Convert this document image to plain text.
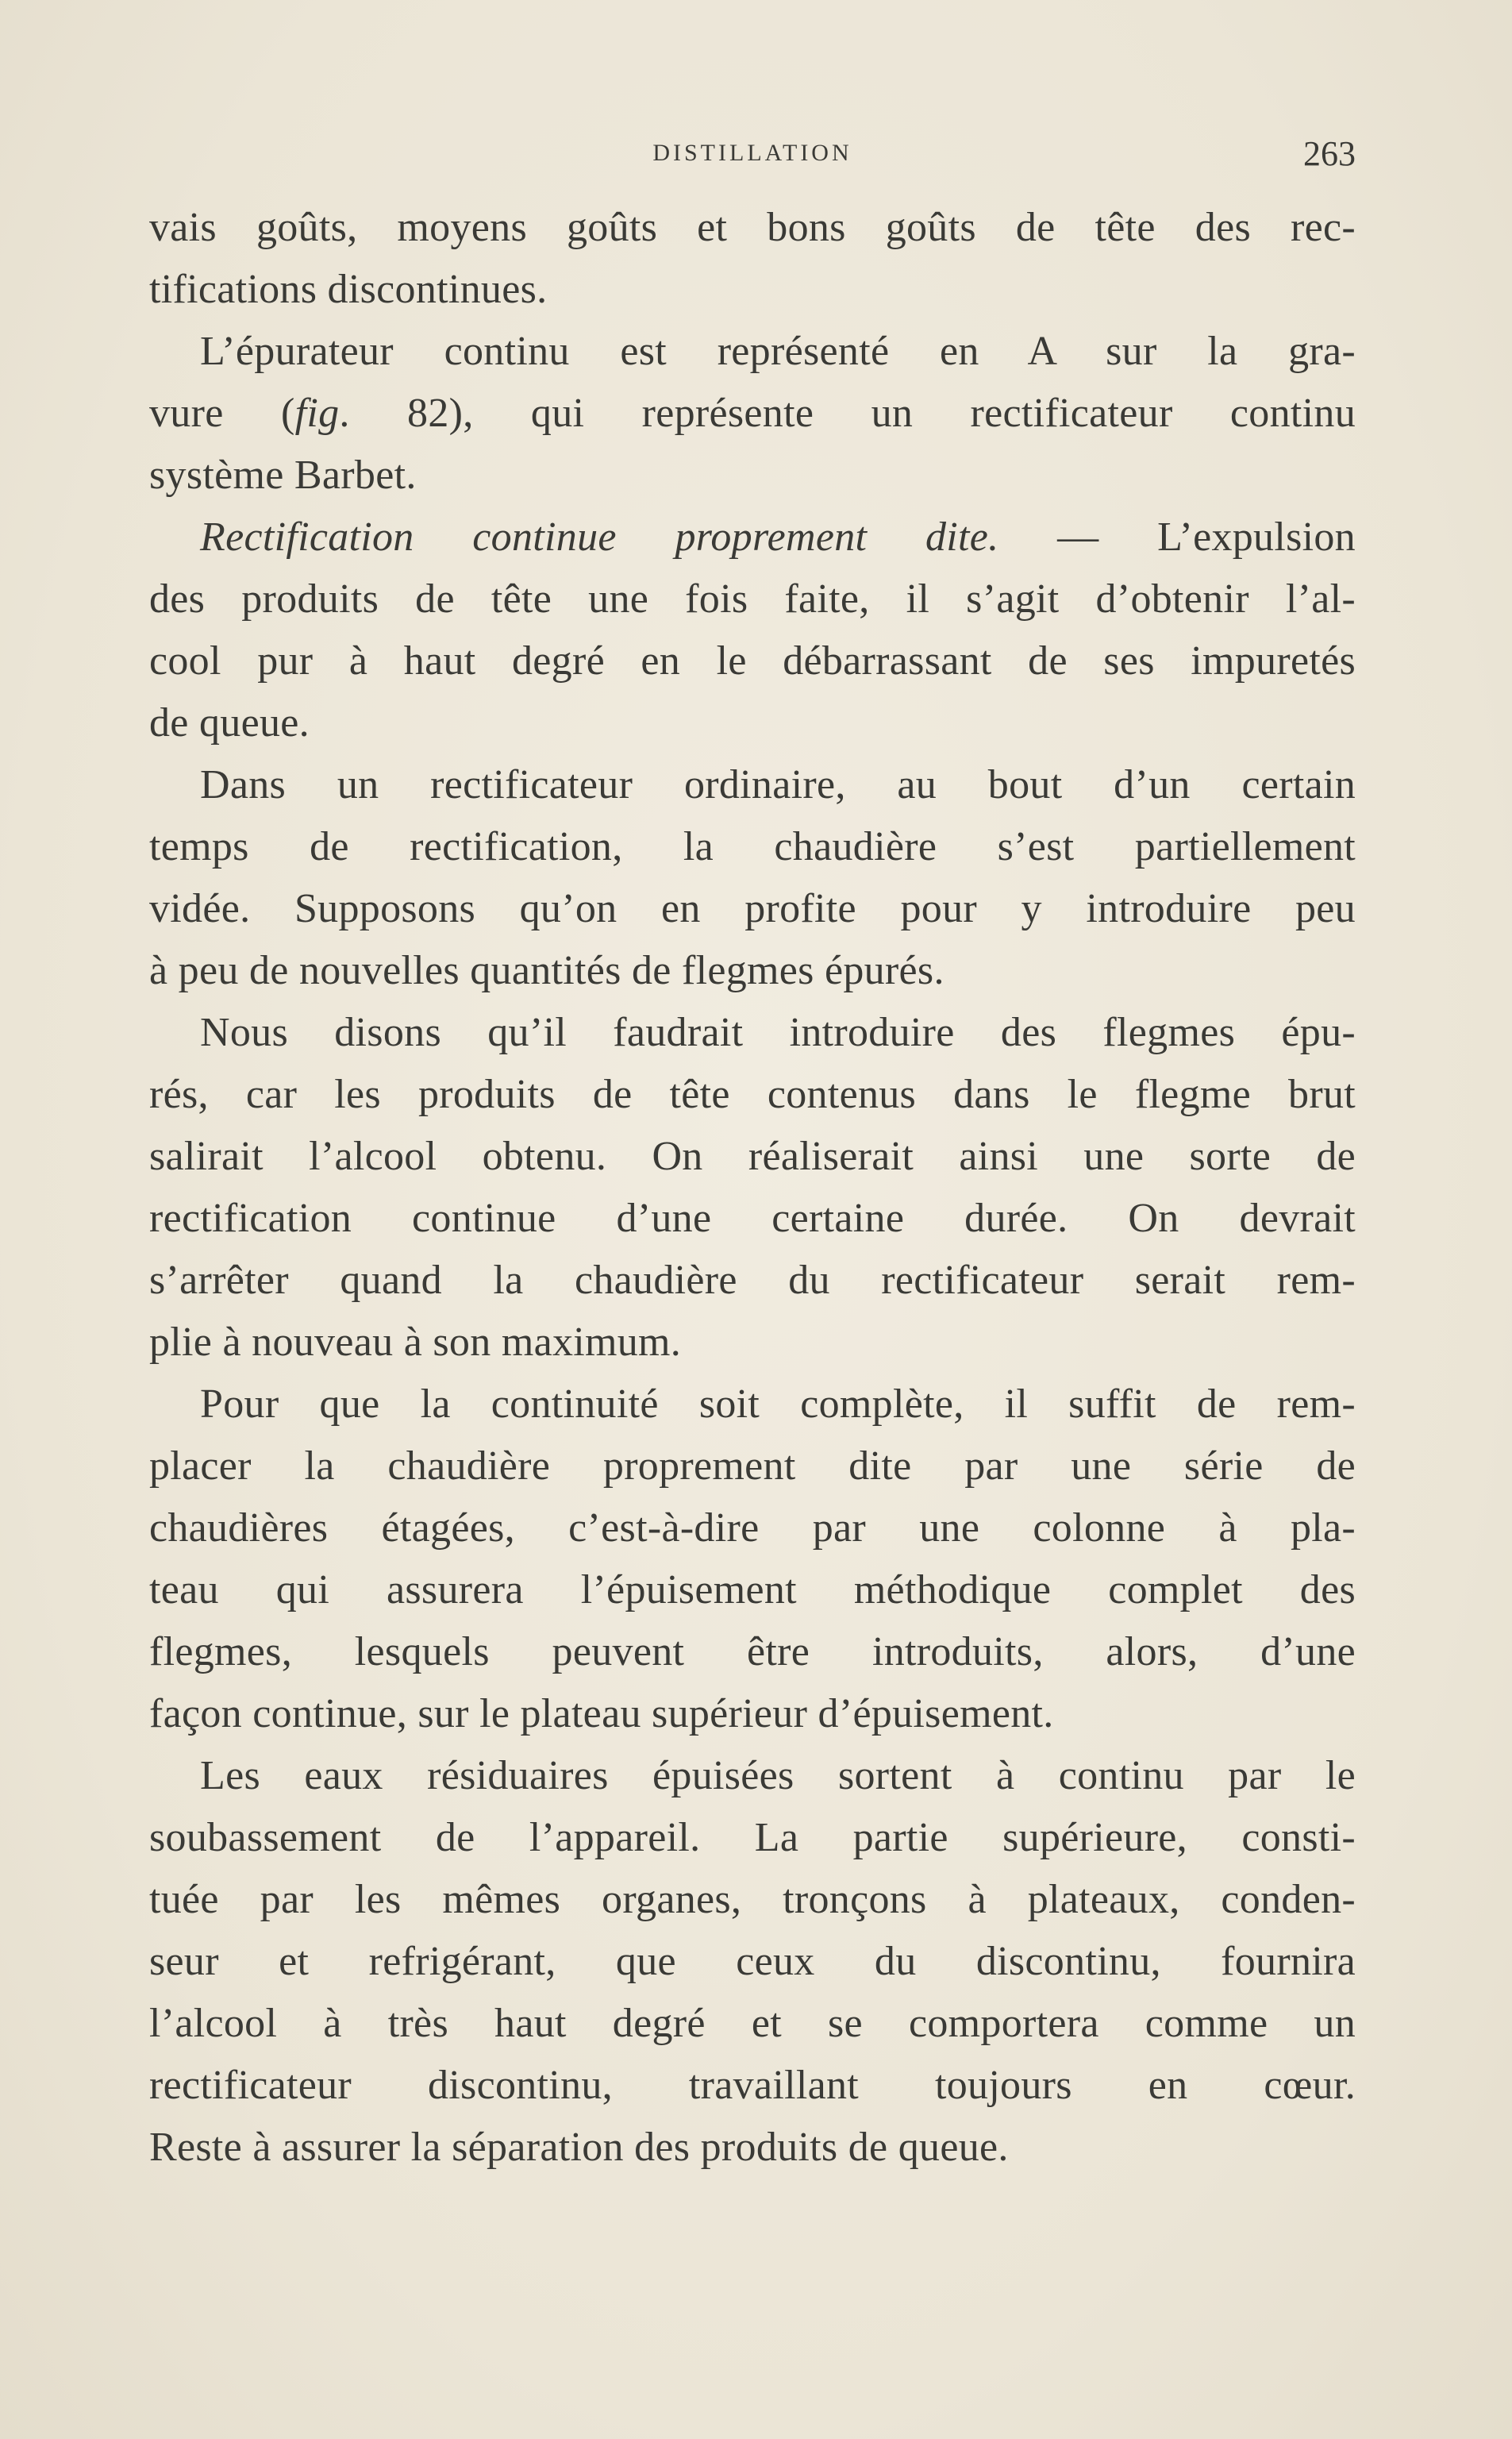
DISTILLATION	263
vais goûts, moyens goûts et bons goûts de tête des rec-
tifications discontinues.
L’épurateur continu est représenté en A sur la gra-
vure (fig. 82), qui représente un rectificateur continu
système Barbet.
Rectification continue proprement dite. — L’expulsion
des produits de tête une fois faite, il s’agit d’obtenir l’al-
cool pur à haut degré en le débarrassant de ses impuretés
de queue.
Dans un rectificateur ordinaire, au bout d’un certain
temps de rectification, la chaudière s’est partiellement
vidée. Supposons qu’on en profite pour y introduire peu
à peu de nouvelles quantités de flegmes épurés.
Nous disons qu’il faudrait introduire des flegmes épu-
rés, car les produits de tête contenus dans le flegme brut
salirait l’alcool obtenu. On réaliserait ainsi une sorte de
rectification continue d’une certaine durée. On devrait
s’arrêter quand la chaudière du rectificateur serait rem-
plie à nouveau à son maximum.
Pour que la continuité soit complète, il suffit de rem-
placer la chaudière proprement dite par une série de
chaudières étagées, c’est-à-dire par une colonne à pla-
teau qui assurera l’épuisement méthodique complet des
flegmes, lesquels peuvent être introduits, alors, d’une
façon continue, sur le plateau supérieur d’épuisement.
Les eaux résiduaires épuisées sortent à continu par le
soubassement de l’appareil. La partie supérieure, consti-
tuée par les mêmes organes, tronçons à plateaux, conden-
seur et refrigérant, que ceux du discontinu, fournira
l’alcool à très haut degré et se comportera comme un
rectificateur discontinu, travaillant toujours en cœur.
Reste à assurer la séparation des produits de queue.
